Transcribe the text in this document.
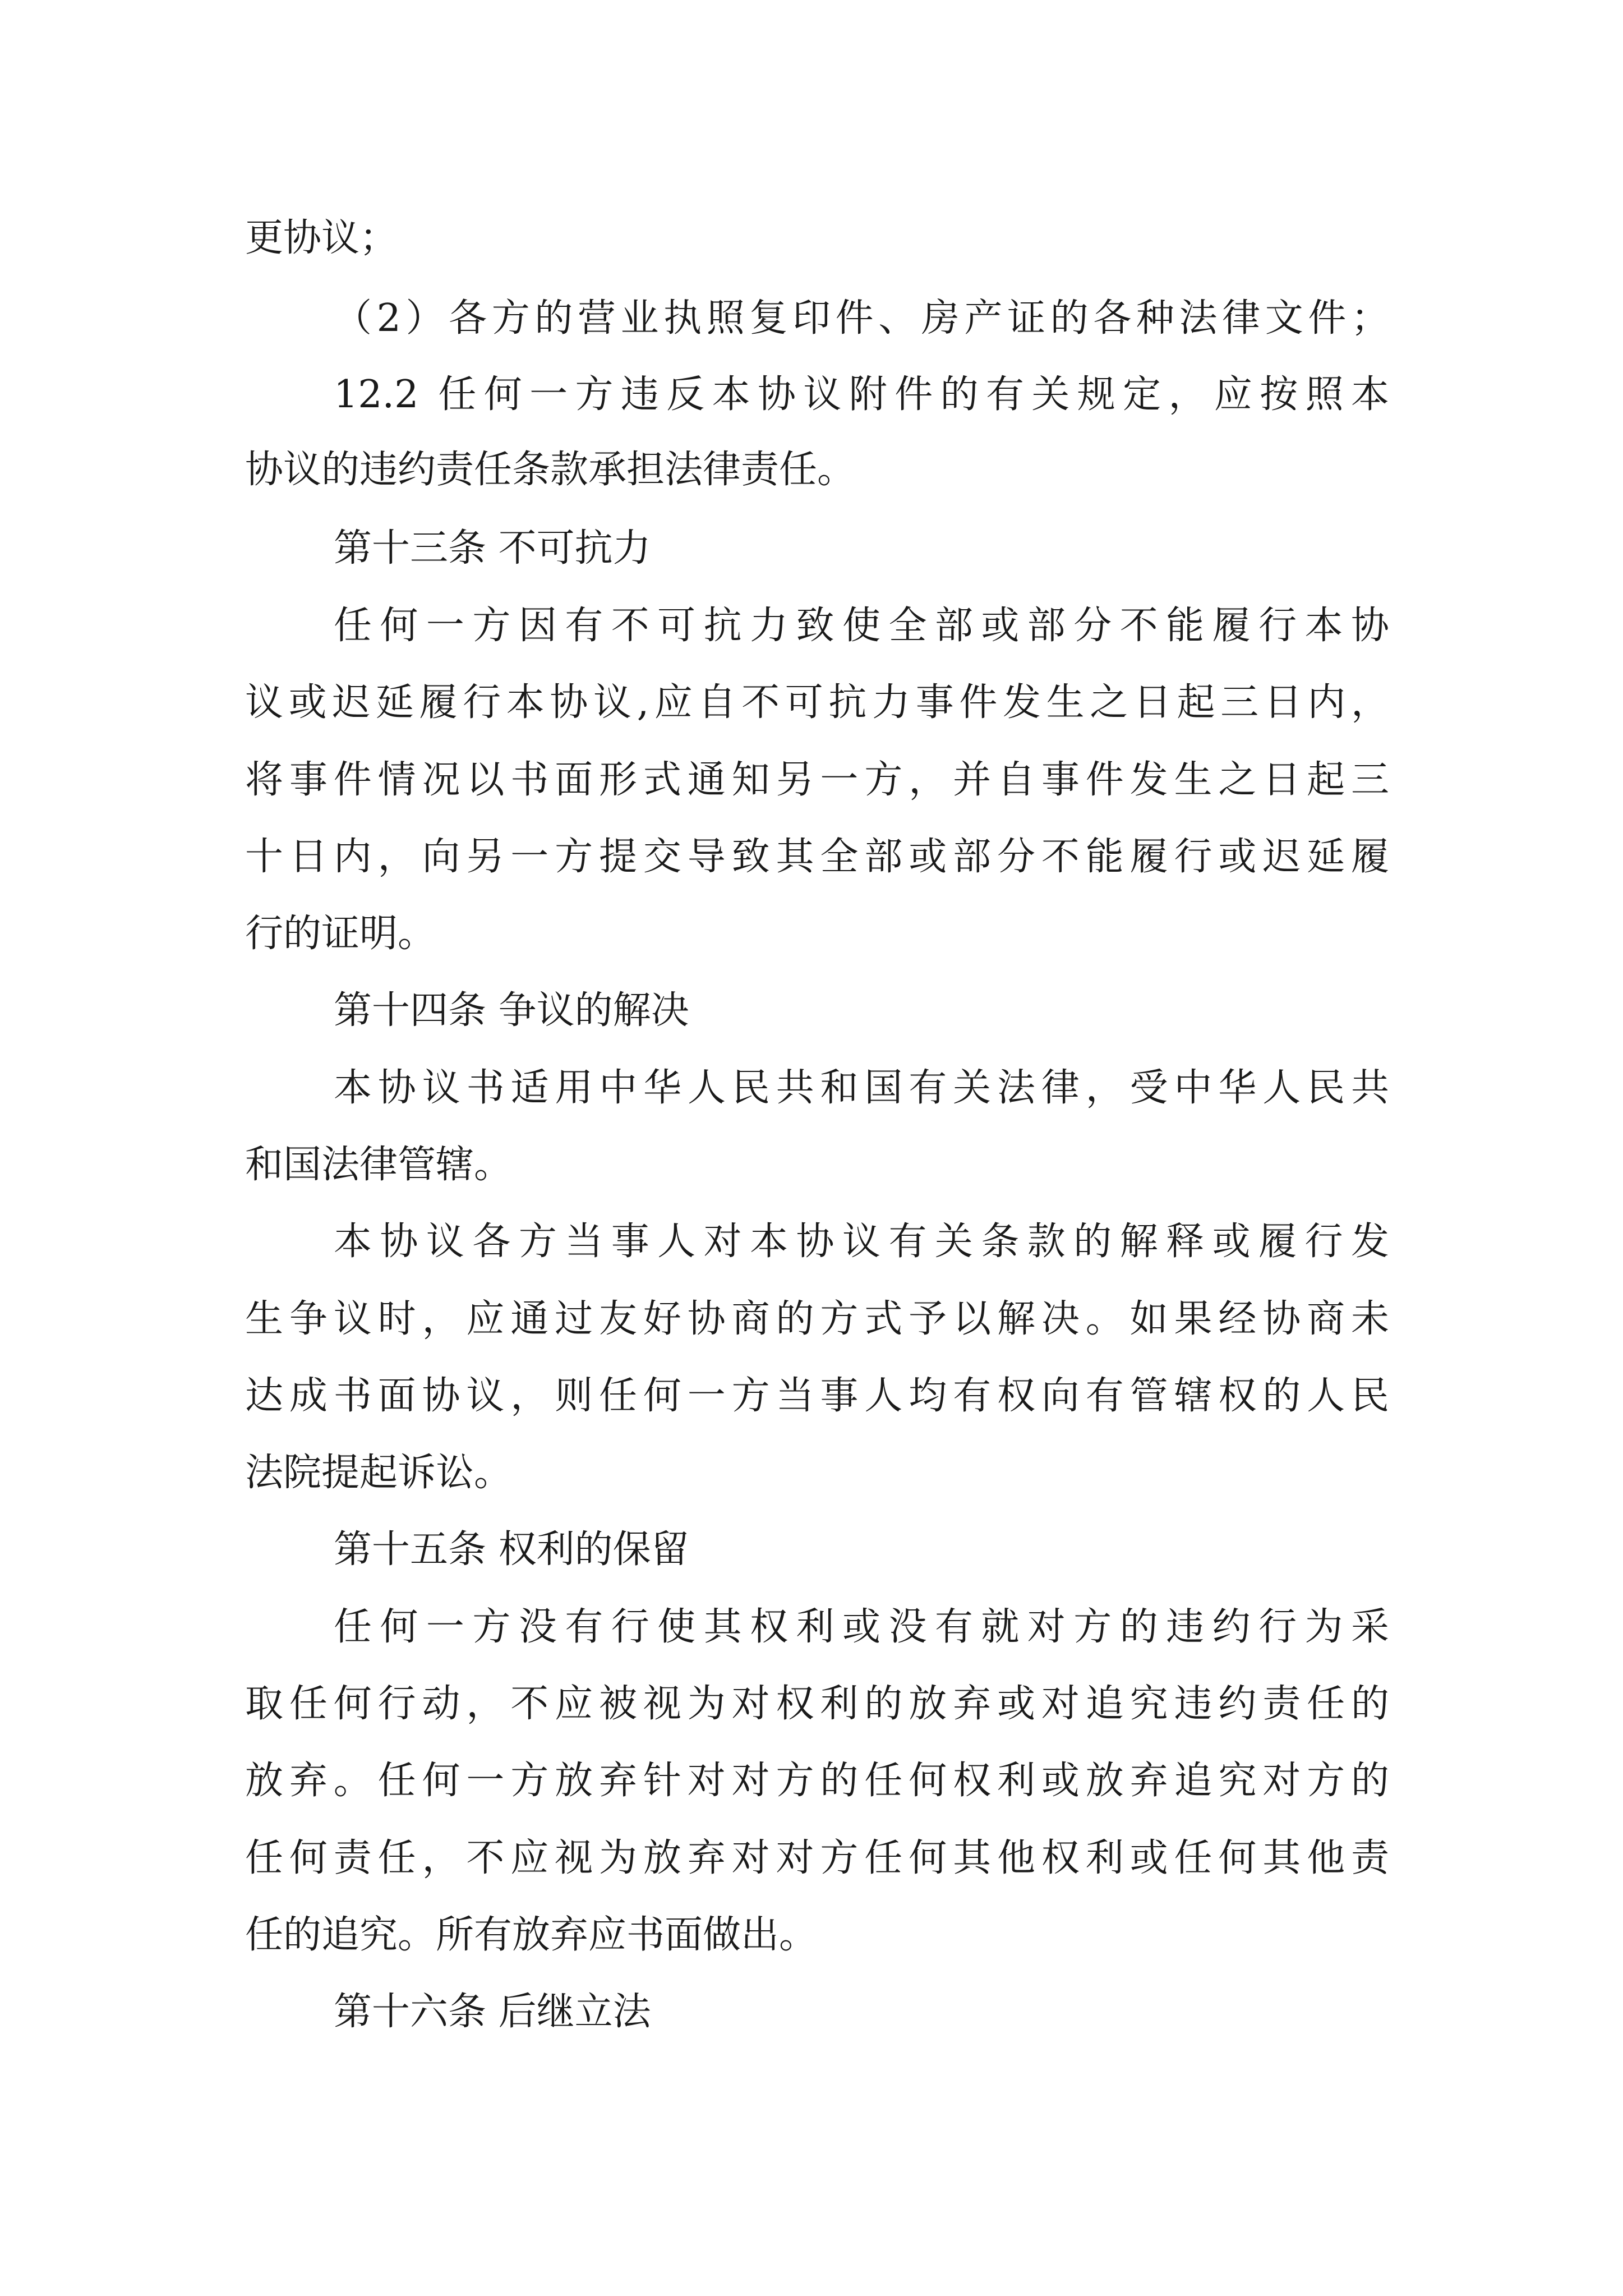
更协议；
（2）各方的营业执照复印件、房产证的各种法律文件；
12.2 任何一方违反本协议附件的有关规定，应按照本
协议的违约责任条款承担法律责任。
第十三条 不可抗力
任何一方因有不可抗力致使全部或部分不能履行本协
议或迟延履行本协议,应自不可抗力事件发生之日起三日内，
将事件情况以书面形式通知另一方，并自事件发生之日起三
十日内，向另一方提交导致其全部或部分不能履行或迟延履
行的证明。
第十四条 争议的解决
本协议书适用中华人民共和国有关法律，受中华人民共
和国法律管辖。
本协议各方当事人对本协议有关条款的解释或履行发
生争议时，应通过友好协商的方式予以解决。如果经协商未
达成书面协议，则任何一方当事人均有权向有管辖权的人民
法院提起诉讼。
第十五条 权利的保留
任何一方没有行使其权利或没有就对方的违约行为采
取任何行动，不应被视为对权利的放弃或对追究违约责任的
放弃。任何一方放弃针对对方的任何权利或放弃追究对方的
任何责任，不应视为放弃对对方任何其他权利或任何其他责
任的追究。所有放弃应书面做出。
第十六条 后继立法
